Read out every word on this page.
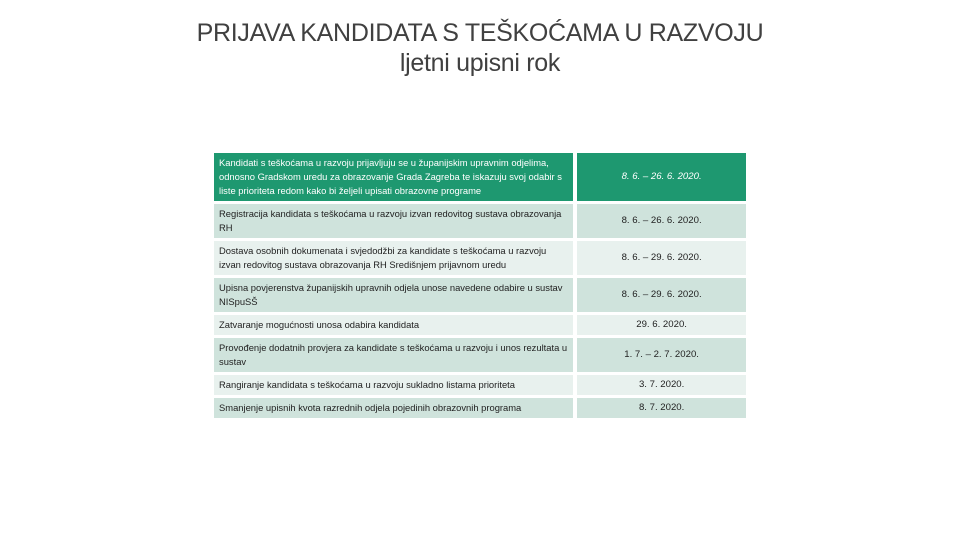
PRIJAVA KANDIDATA S TEŠKOĆAMA U RAZVOJU
ljetni upisni rok
Kandidati s teškoćama u razvoju prijavljuju se u županijskim upravnim odjelima, odnosno Gradskom uredu za obrazovanje Grada Zagreba te iskazuju svoj odabir s liste prioriteta redom kako bi željeli upisati obrazovne programe		8. 6. – 26. 6. 2020.
Registracija kandidata s teškoćama u razvoju izvan redovitog sustava obrazovanja RH		8. 6. – 26. 6. 2020.
Dostava osobnih dokumenata i svjedodžbi za kandidate s teškoćama u razvoju izvan redovitog sustava obrazovanja RH Središnjem prijavnom uredu		8. 6. – 29. 6. 2020.
Upisna povjerenstva županijskih upravnih odjela unose navedene odabire u sustav NISpuSŠ		8. 6. – 29. 6. 2020.
Zatvaranje mogućnosti unosa odabira kandidata		29. 6. 2020.
Provođenje dodatnih provjera za kandidate s teškoćama u razvoju i unos rezultata u sustav		1. 7. – 2. 7. 2020.
Rangiranje kandidata s teškoćama u razvoju sukladno listama prioriteta		3. 7. 2020.
Smanjenje upisnih kvota razrednih odjela pojedinih obrazovnih programa		8. 7. 2020.
